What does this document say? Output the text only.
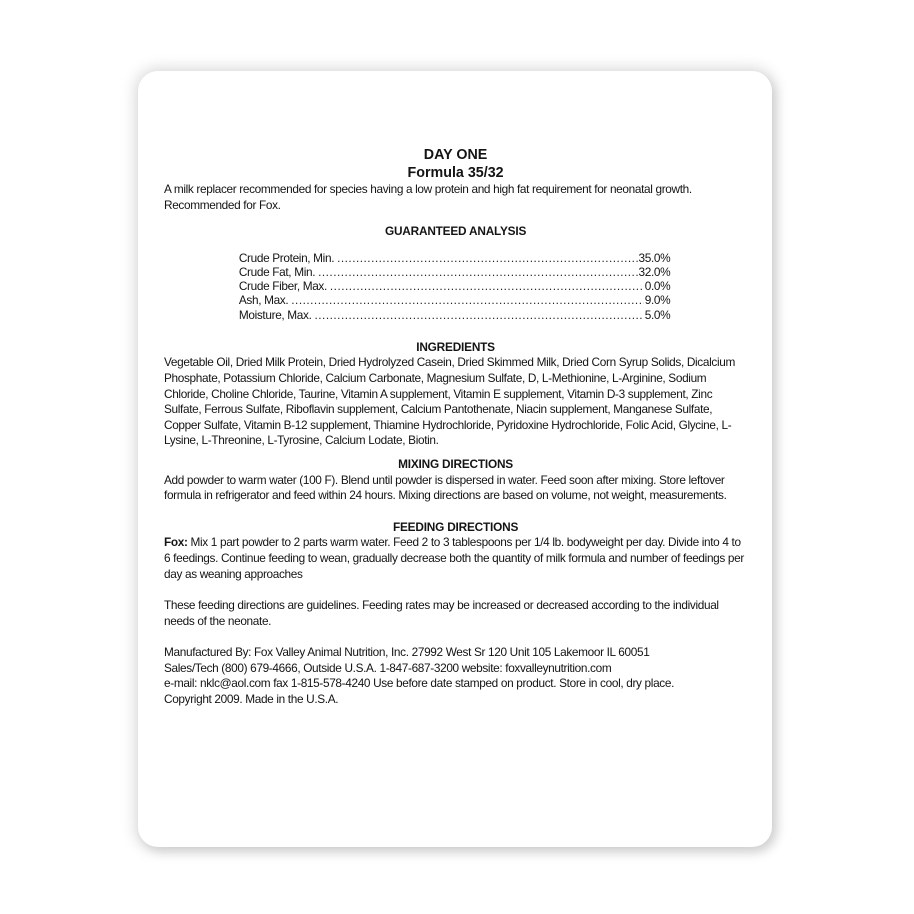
DAY ONE

Formula 35/32

A milk replacer recommended for species having a low protein and high fat requirement for neonatal growth. Recommended for Fox.

GUARANTEED ANALYSIS

Crude Protein, Min. .....	35.0%
Crude Fat, Min. .....	32.0%
Crude Fiber, Max. .....	0.0%
Ash, Max. .....	9.0%
Moisture, Max. .....	5.0%

INGREDIENTS

Vegetable Oil, Dried Milk Protein, Dried Hydrolyzed Casein, Dried Skimmed Milk, Dried Corn Syrup Solids, Dicalcium Phosphate, Potassium Chloride, Calcium Carbonate, Magnesium Sulfate, D, L-Methionine, L-Arginine, Sodium Chloride, Choline Chloride, Taurine, Vitamin A supplement, Vitamin E supplement, Vitamin D-3 supplement, Zinc Sulfate, Ferrous Sulfate, Riboflavin supplement, Calcium Pantothenate, Niacin supplement, Manganese Sulfate, Copper Sulfate, Vitamin B-12 supplement, Thiamine Hydrochloride, Pyridoxine Hydrochloride, Folic Acid, Glycine, L-Lysine, L-Threonine, L-Tyrosine, Calcium Lodate, Biotin.

MIXING DIRECTIONS

Add powder to warm water (100 F). Blend until powder is dispersed in water. Feed soon after mixing. Store leftover formula in refrigerator and feed within 24 hours. Mixing directions are based on volume, not weight, measurements.

FEEDING DIRECTIONS

Fox: Mix 1 part powder to 2 parts warm water. Feed 2 to 3 tablespoons per 1/4 lb. bodyweight per day. Divide into 4 to 6 feedings. Continue feeding to wean, gradually decrease both the quantity of milk formula and number of feedings per day as weaning approaches

These feeding directions are guidelines. Feeding rates may be increased or decreased according to the individual needs of the neonate.

Manufactured By: Fox Valley Animal Nutrition, Inc. 27992 West Sr 120 Unit 105 Lakemoor IL 60051
Sales/Tech (800) 679-4666, Outside U.S.A. 1-847-687-3200 website: foxvalleynutrition.com
e-mail: nklc@aol.com fax 1-815-578-4240 Use before date stamped on product. Store in cool, dry place.
Copyright 2009. Made in the U.S.A.
